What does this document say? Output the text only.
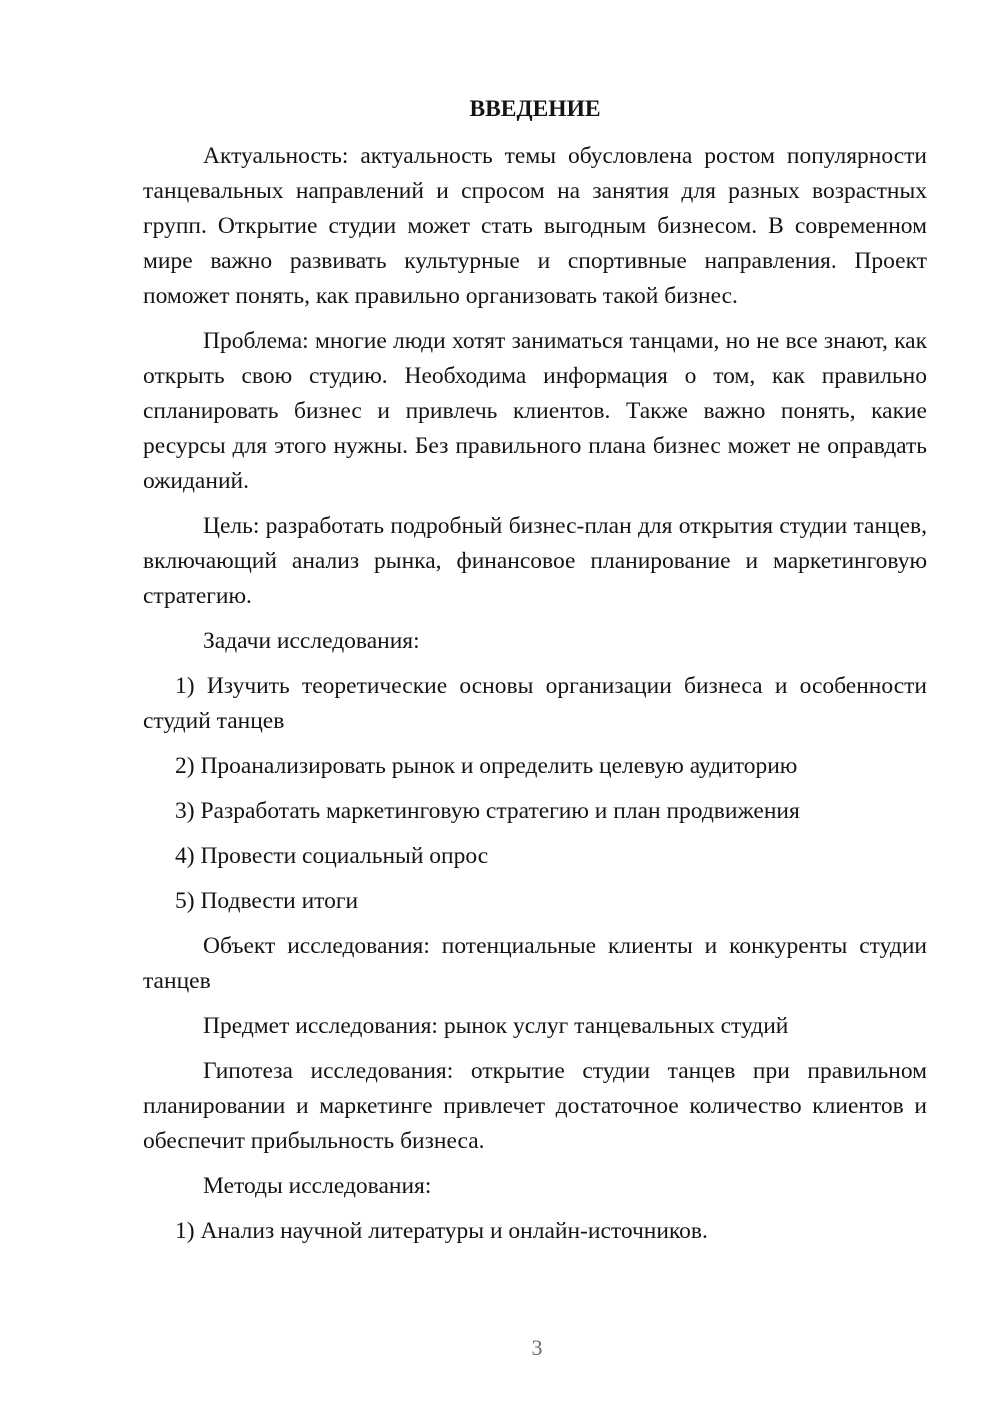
ВВЕДЕНИЕ

Актуальность: актуальность темы обусловлена ростом популярности танцевальных направлений и спросом на занятия для разных возрастных групп. Открытие студии может стать выгодным бизнесом. В современном мире важно развивать культурные и спортивные направления. Проект поможет понять, как правильно организовать такой бизнес.

Проблема: многие люди хотят заниматься танцами, но не все знают, как открыть свою студию. Необходима информация о том, как правильно спланировать бизнес и привлечь клиентов. Также важно понять, какие ресурсы для этого нужны. Без правильного плана бизнес может не оправдать ожиданий.

Цель: разработать подробный бизнес-план для открытия студии танцев, включающий анализ рынка, финансовое планирование и маркетинговую стратегию.

Задачи исследования:

1) Изучить теоретические основы организации бизнеса и особенности студий танцев

2) Проанализировать рынок и определить целевую аудиторию

3) Разработать маркетинговую стратегию и план продвижения

4) Провести социальный опрос

5) Подвести итоги

Объект исследования: потенциальные клиенты и конкуренты студии танцев

Предмет исследования: рынок услуг танцевальных студий

Гипотеза исследования: открытие студии танцев при правильном планировании и маркетинге привлечет достаточное количество клиентов и обеспечит прибыльность бизнеса.

Методы исследования:

1) Анализ научной литературы и онлайн-источников.

3
